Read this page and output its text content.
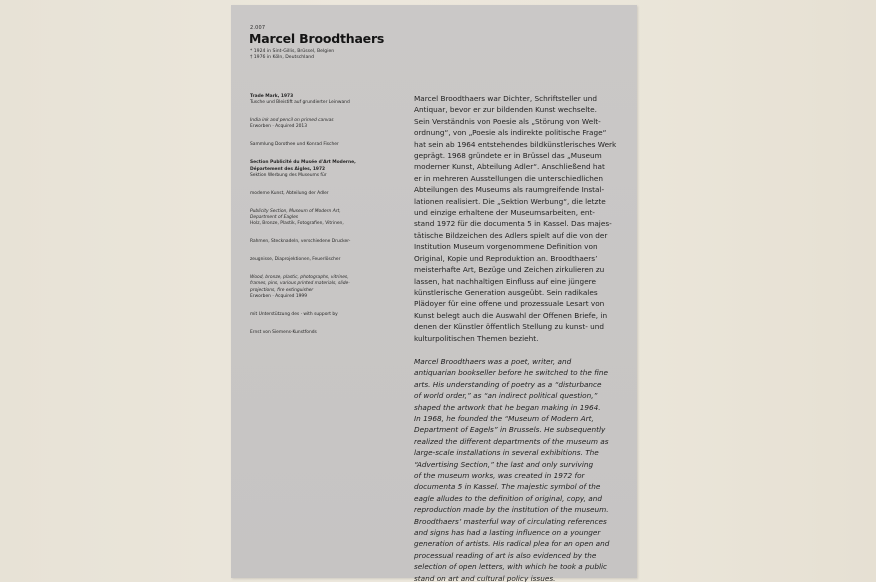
2.007
Marcel Broodthaers
* 1924 in Sint-Gillis, Brüssel, Belgien
† 1976 in Köln, Deutschland
Trade Mark, 1973
Tusche und Bleistift auf grundierter Leinwand
India ink and pencil on primed canvas
Erworben · Acquired 2013
Sammlung Dorothee und Konrad Fischer
Section Publicité du Musée d'Art Moderne,
Département des Aigles, 1972
Sektion Werbung des Museums für
moderne Kunst, Abteilung der Adler
Publicity Section, Museum of Modern Art,
Department of Eagles
Holz, Bronze, Plastik, Fotografien, Vitrinen,
Rahmen, Stecknadeln, verschiedene Drucker-
zeugnisse, Diaprojektionen, Feuerlöscher
Wood, bronze, plastic, photographs, vitrines,
frames, pins, various printed materials, slide-
projections, fire extinguisher
Erworben · Acquired 1999
mit Unterstützung des · with support by
Ernst von Siemens-Kunstfonds
Marcel Broodthaers war Dichter, Schriftsteller und
Antiquar, bevor er zur bildenden Kunst wechselte.
Sein Verständnis von Poesie als „Störung von Welt-
ordnung“, von „Poesie als indirekte politische Frage“
hat sein ab 1964 entstehendes bildkünstlerisches Werk
geprägt. 1968 gründete er in Brüssel das „Museum
moderner Kunst, Abteilung Adler“. Anschließend hat
er in mehreren Ausstellungen die unterschiedlichen
Abteilungen des Museums als raumgreifende Instal-
lationen realisiert. Die „Sektion Werbung“, die letzte
und einzige erhaltene der Museumsarbeiten, ent-
stand 1972 für die documenta 5 in Kassel. Das majes-
tätische Bildzeichen des Adlers spielt auf die von der
Institution Museum vorgenommene Definition von
Original, Kopie und Reproduktion an. Broodthaers’
meisterhafte Art, Bezüge und Zeichen zirkulieren zu
lassen, hat nachhaltigen Einfluss auf eine jüngere
künstlerische Generation ausgeübt. Sein radikales
Plädoyer für eine offene und prozessuale Lesart von
Kunst belegt auch die Auswahl der Offenen Briefe, in
denen der Künstler öffentlich Stellung zu kunst- und
kulturpolitischen Themen bezieht.
Marcel Broodthaers was a poet, writer, and
antiquarian bookseller before he switched to the fine
arts. His understanding of poetry as a “disturbance
of world order,” as “an indirect political question,”
shaped the artwork that he began making in 1964.
In 1968, he founded the “Museum of Modern Art,
Department of Eagels” in Brussels. He subsequently
realized the different departments of the museum as
large-scale installations in several exhibitions. The
“Advertising Section,” the last and only surviving
of the museum works, was created in 1972 for
documenta 5 in Kassel. The majestic symbol of the
eagle alludes to the definition of original, copy, and
reproduction made by the institution of the museum.
Broodthaers’ masterful way of circulating references
and signs has had a lasting influence on a younger
generation of artists. His radical plea for an open and
processual reading of art is also evidenced by the
selection of open letters, with which he took a public
stand on art and cultural policy issues.
